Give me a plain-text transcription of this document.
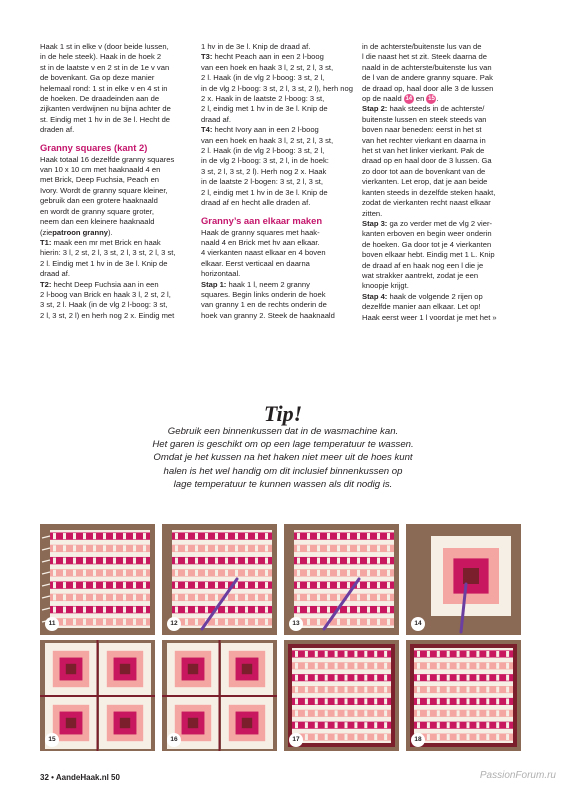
Haak 1 st in elke v (door beide lussen,
in de hele steek). Haak in de hoek 2
st in de laatste v en 2 st in de 1e v van
de bovenkant. Ga op deze manier
helemaal rond: 1 st in elke v en 4 st in
de hoeken. De draadeinden aan de
zijkanten verdwijnen nu bijna achter de
st. Eindig met 1 hv in de 3e l. Hecht de
draden af.

Granny squares (kant 2)

Haak totaal 16 dezelfde granny squares
van 10 x 10 cm met haaknaald 4 en
met Brick, Deep Fuchsia, Peach en
Ivory. Wordt de granny square kleiner,
gebruik dan een grotere haaknaald
en wordt de granny square groter,
neem dan een kleinere haaknaald (ziepatroon granny).

T1: maak een mr met Brick en haak
hierin: 3 l, 2 st, 2 l, 3 st, 2 l, 3 st, 2 l, 3 st,
2 l. Eindig met 1 hv in de 3e l. Knip de
draad af.

T2: hecht Deep Fuchsia aan in een
2 l-boog van Brick en haak 3 l, 2 st, 2 l,
3 st, 2 l. Haak (in de vlg 2 l-boog: 3 st,
2 l, 3 st, 2 l) en herh nog 2 x. Eindig met

1 hv in de 3e l. Knip de draad af.

T3: hecht Peach aan in een 2 l-boog
van een hoek en haak 3 l, 2 st, 2 l, 3 st,
2 l. Haak (in de vlg 2 l-boog: 3 st, 2 l,
in de vlg 2 l-boog: 3 st, 2 l, 3 st, 2 l), herh nog
2 x. Haak in de laatste 2 l-boog: 3 st,
2 l, eindig met 1 hv in de 3e l. Knip de
draad af.

T4: hecht Ivory aan in een 2 l-boog
van een hoek en haak 3 l, 2 st, 2 l, 3 st,
2 l. Haak (in de vlg 2 l-boog: 3 st, 2 l,
in de vlg 2 l-boog: 3 st, 2 l, in de hoek:
3 st, 2 l, 3 st, 2 l). Herh nog 2 x. Haak
in de laatste 2 l-bogen: 3 st, 2 l, 3 st,
2 l, eindig met 1 hv in de 3e l. Knip de
draad af en hecht alle draden af.

Granny’s aan elkaar maken

Haak de granny squares met haak-
naald 4 en Brick met hv aan elkaar.
4 vierkanten naast elkaar en 4 boven
elkaar. Eerst verticaal en daarna
horizontaal.

Stap 1: haak 1 l, neem 2 granny
squares. Begin links onderin de hoek
van granny 1 en de rechts onderin de
hoek van granny 2. Steek de haaknaald

in de achterste/buitenste lus van de
l die naast het st zit. Steek daarna de
naald in de achterste/buitenste lus van
de l van de andere granny square. Pak
de draad op, haal door alle 3 de lussen
op de naald 14 en 15 .

Stap 2: haak steeds in de achterste/
buitenste lussen en steek steeds van
boven naar beneden: eerst in het st
van het rechter vierkant en daarna in
het st van het linker vierkant. Pak de
draad op en haal door de 3 lussen. Ga
zo door tot aan de bovenkant van de
vierkanten. Let erop, dat je aan beide
kanten steeds in dezelfde steken haakt,
zodat de vierkanten recht naast elkaar
zitten.

Stap 3: ga zo verder met de vlg 2 vier-
kanten erboven en begin weer onderin
de hoeken. Ga door tot je 4 vierkanten
boven elkaar hebt. Eindig met 1 L. Knip
de draad af en haak nog een l die je
wat strakker aantrekt, zodat je een
knoopje krijgt.

Stap 4: haak de volgende 2 rijen op
dezelfde manier aan elkaar. Let op!
Haak eerst weer 1 l voordat je met het »

Tip!
Gebruik een binnenkussen dat in de wasmachine kan.
Het garen is geschikt om op een lage temperatuur te wassen.
Omdat je het kussen na het haken niet meer uit de hoes kunt
halen is het wel handig om dit inclusief binnenkussen op
lage temperatuur te kunnen wassen als dit nodig is.
11	12	13	14
15	16	17	18
32 • AandeHaak.nl 50	PassionForum.ru
